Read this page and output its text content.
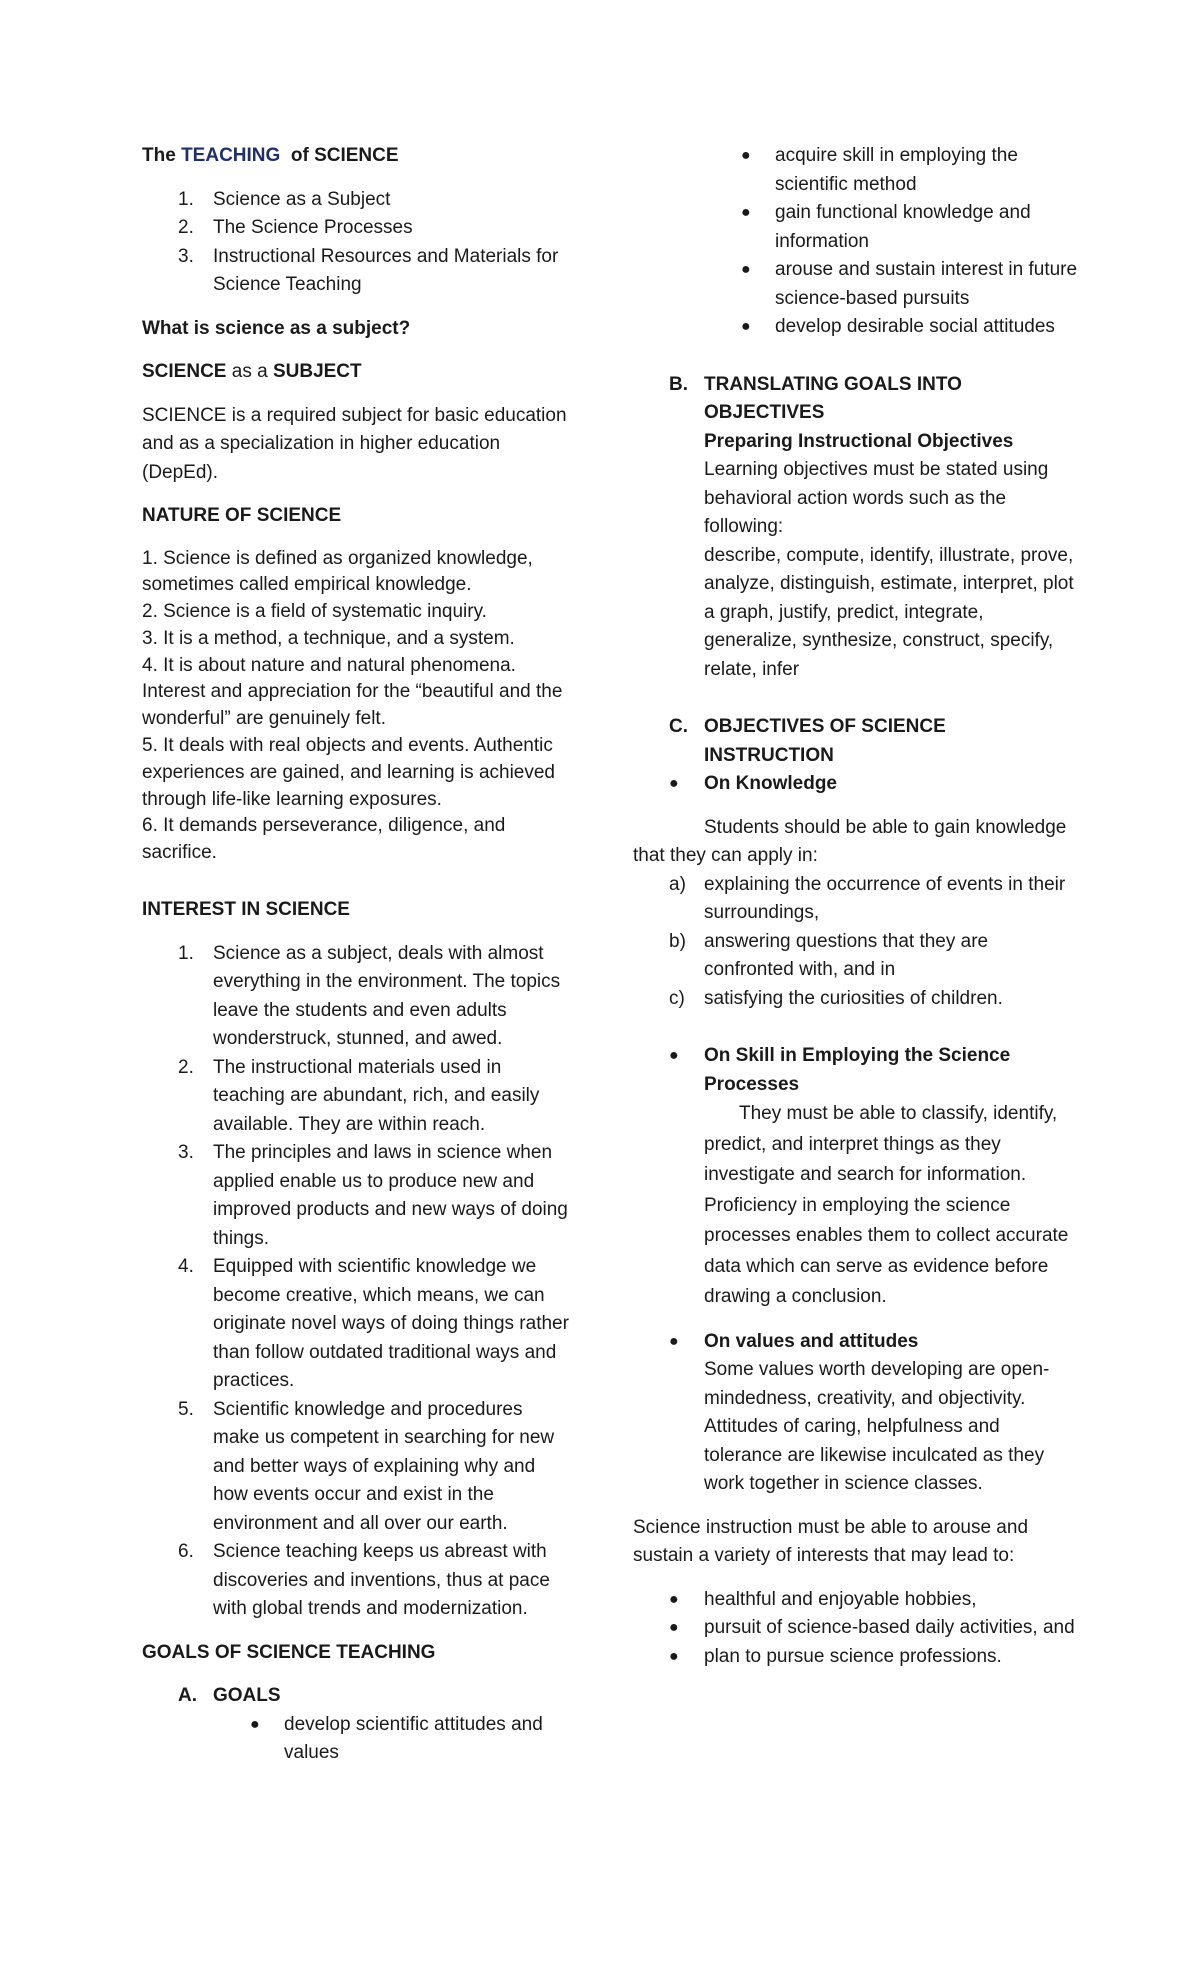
The TEACHING of SCIENCE

1. Science as a Subject
2. The Science Processes
3. Instructional Resources and Materials for Science Teaching

What is science as a subject?

SCIENCE as a SUBJECT

SCIENCE is a required subject for basic education and as a specialization in higher education (DepEd).

NATURE OF SCIENCE

1. Science is defined as organized knowledge, sometimes called empirical knowledge.

2. Science is a field of systematic inquiry.

3. It is a method, a technique, and a system.

4. It is about nature and natural phenomena. Interest and appreciation for the “beautiful and the wonderful” are genuinely felt.

5. It deals with real objects and events. Authentic experiences are gained, and learning is achieved through life-like learning exposures.

6. It demands perseverance, diligence, and sacrifice.

INTEREST IN SCIENCE

1. Science as a subject, deals with almost everything in the environment. The topics leave the students and even adults wonderstruck, stunned, and awed.
2. The instructional materials used in teaching are abundant, rich, and easily available. They are within reach.
3. The principles and laws in science when applied enable us to produce new and improved products and new ways of doing things.
4. Equipped with scientific knowledge we become creative, which means, we can originate novel ways of doing things rather than follow outdated traditional ways and practices.
5. Scientific knowledge and procedures make us competent in searching for new and better ways of explaining why and how events occur and exist in the environment and all over our earth.
6. Science teaching keeps us abreast with discoveries and inventions, thus at pace with global trends and modernization.

GOALS OF SCIENCE TEACHING

A. GOALS
● develop scientific attitudes and values
● acquire skill in employing the scientific method
● gain functional knowledge and information
● arouse and sustain interest in future science-based pursuits
● develop desirable social attitudes
B. TRANSLATING GOALS INTO OBJECTIVES

Preparing Instructional Objectives

Learning objectives must be stated using behavioral action words such as the following:

describe, compute, identify, illustrate, prove, analyze, distinguish, estimate, interpret, plot a graph, justify, predict, integrate, generalize, synthesize, construct, specify, relate, infer

C. OBJECTIVES OF SCIENCE INSTRUCTION
● On Knowledge

Students should be able to gain knowledge that they can apply in:

a) explaining the occurrence of events in their surroundings,
b) answering questions that they are confronted with, and in
c) satisfying the curiosities of children.
● On Skill in Employing the Science Processes

They must be able to classify, identify, predict, and interpret things as they investigate and search for information. Proficiency in employing the science processes enables them to collect accurate data which can serve as evidence before drawing a conclusion.

● On values and attitudes

Some values worth developing are open-mindedness, creativity, and objectivity. Attitudes of caring, helpfulness and tolerance are likewise inculcated as they work together in science classes.

Science instruction must be able to arouse and sustain a variety of interests that may lead to:

● healthful and enjoyable hobbies,
● pursuit of science-based daily activities, and
● plan to pursue science professions.
